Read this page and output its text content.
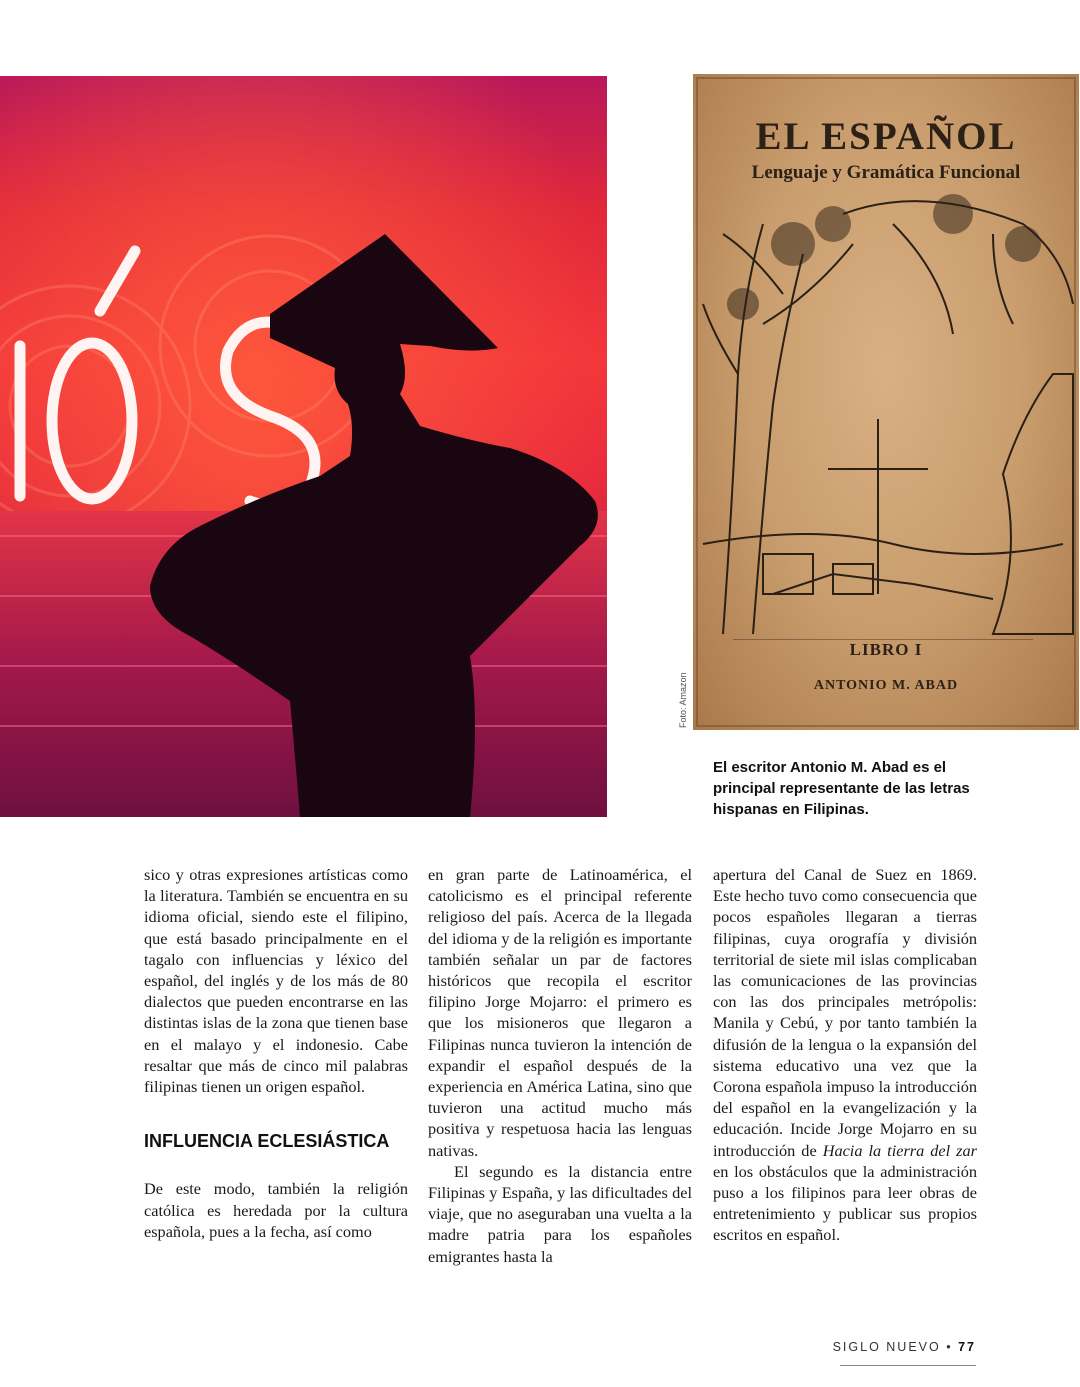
EL ESPAÑOL
Lenguaje y Gramática Funcional
LIBRO I
ANTONIO M. ABAD
Foto: Amazon
El escritor Antonio M. Abad es el principal representante de las letras hispanas en Filipinas.

sico y otras expresiones artísticas como la literatura. También se encuentra en su idioma oficial, siendo este el filipino, que está basado principalmente en el tagalo con influencias y léxico del español, del inglés y de los más de 80 dialectos que pueden encontrarse en las distintas islas de la zona que tienen base en el malayo y el indonesio. Cabe resaltar que más de cinco mil palabras filipinas tienen un origen español.

INFLUENCIA ECLESIÁSTICA

De este modo, también la religión católica es heredada por la cultura española, pues a la fecha, así como

en gran parte de Latinoamérica, el catolicismo es el principal referente religioso del país. Acerca de la llegada del idioma y de la religión es importante también señalar un par de factores históricos que recopila el escritor filipino Jorge Mojarro: el primero es que los misioneros que llegaron a Filipinas nunca tuvieron la intención de expandir el español después de la experiencia en América Latina, sino que tuvieron una actitud mucho más positiva y respetuosa hacia las lenguas nativas.

El segundo es la distancia entre Filipinas y España, y las dificultades del viaje, que no aseguraban una vuelta a la madre patria para los españoles emigrantes hasta la

apertura del Canal de Suez en 1869. Este hecho tuvo como consecuencia que pocos españoles llegaran a tierras filipinas, cuya orografía y división territorial de siete mil islas complicaban las comunicaciones de las provincias con las dos principales metrópolis: Manila y Cebú, y por tanto también la difusión de la lengua o la expansión del sistema educativo una vez que la Corona española impuso la introducción del español en la evangelización y la educación. Incide Jorge Mojarro en su introducción de Hacia la tierra del zar en los obstáculos que la administración puso a los filipinos para leer obras de entretenimiento y publicar sus propios escritos en español.

SIGLO NUEVO • 77
